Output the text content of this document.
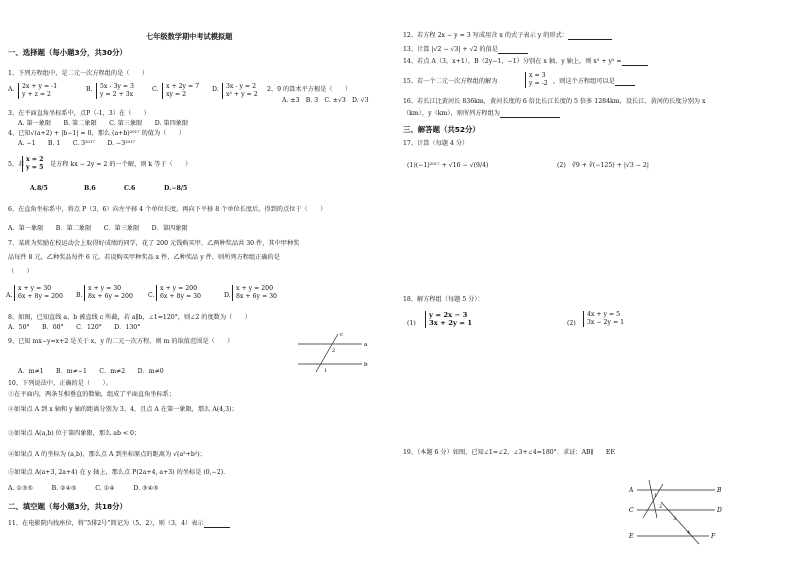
七年级数学期中考试模拟题
一、选择题（每小题3分，共30分）
1、下列方程组中，是二元一次方程组的是（　　）
A. 2x + y = -1
y + z = 2
B. 5x - 3y = 3
y = 2 + 3x
C. x + 2y = 7
xy = 2
D. 3x - y = 2
x² + y = 2
2、9 的算术平方根是（　　）
A. ±3　B. 3　C. ±√3　D. √3
3、在平面直角坐标系中，点P（-1，3）在（　　）
A. 第一象限　　B. 第二象限　　C. 第三象限　　D. 第四象限
4、已知√(a+2) + |b−1| = 0，那么 (a+b)²⁰¹⁷ 的值为（　　）
A. −1　　B. 1　　C. 3²⁰¹⁷　　D. −3²⁰¹⁷
5、若
x = 2
y = 5 是方程 kx − 2y = 2 的一个解，则 k 等于（　　）
A.8/5	B.6	C.6	D.−8/5
6、在直角坐标系中，将点 P（3，6）向左平移 4 个单位长度，再向下平移 8 个单位长度后，得到的点位于（　　）
A．第一象限　　B．第二象限　　C．第三象限　　D．第四象限
7、某班为奖励在校运动会上取得好成绩的同学，花了 200 元钱购买甲、乙两种奖品共 30 件，其中甲种奖
品每件 8 元，乙种奖品每件 6 元。若设购买甲种奖品 x 件，乙种奖品 y 件，则所列方程组正确的是
（　　）
A.
x + y = 30
6x + 8y = 200 B.
x + y = 30
8x + 6y = 200 C.
x + y = 200
6x + 8y = 30	D.
x + y = 200
8x + 6y = 30
8、如图，已知直线 a，b 被直线 c 所截，若 a∥b，∠1=120°，则∠2 的度数为（　　）
A．50°　　B．60°　　C．120°　　D．130°
9、已知 mx−y=x+2 是关于 x、y 的二元一次方程，则 m 的取值范围是（　　）	a
b
c
2
1
A．m≠1　　B．m≠−1　　C．m≠2　　D．m≠0
10、下列说法中，正确的是（　　）。
①在平面内，两条互相垂直的数轴，组成了平面直角坐标系；
②如果点 A 到 x 轴和 y 轴的距离分别为 3、4，且点 A 在第一象限，那么 A(4,3)；
③如果点 A(a,b) 位于第四象限，那么 ab < 0；
④如果点 A 的坐标为 (a,b)，那么点 A 到坐标原点的距离为 √(a²+b²)；
⑤如果点 A(a+3, 2a+4) 在 y 轴上，那么点 P(2a+4, a+3) 的坐标是 (0,−2)．
A. ①③⑤　　　B. ②④⑤　　　C. ①④　　　D. ③④⑤
二、填空题（每小题3分，共18分）
11、在电影院内找座位，将“5排2号”简记为（5，2），则（3，4）表示
12、若方程 2x − y = 3 写成用含 x 的式子表示 y 的形式：
13、计算 |√2 − √3| + √2 的值是
14、若点 A（3，x+1），B（2y−1，−1）分别在 x 轴，y 轴上，则 x² + y² =
15、若一个二元一次方程组的解为
x = 3
y = -2 ，则这个方程组可以是
16、若长江比黄河长 836km，黄河长度的 6 倍比长江长度的 5 倍多 1284km，设长江、黄河的长度分别为 x
（km），y（km），则所列方程组为
三、解答题（共52分）
17、计算（每题 4 分）
(1)(−1)²⁰¹⁷ + √16 − √(9/4)	(2)　∛9 + ∛(−125) + |√3 − 2|
18、解方程组（每题 5 分）：
(1)
y = 2x − 3
3x + 2y = 1	(2)
4x + y = 5
3x − 2y = 1
19、（本题 6 分）如图，已知∠1=∠2，∠3+∠4=180°．求证：AB∥　　EF.
A	B
C	D
E	F
1
2
3
4
